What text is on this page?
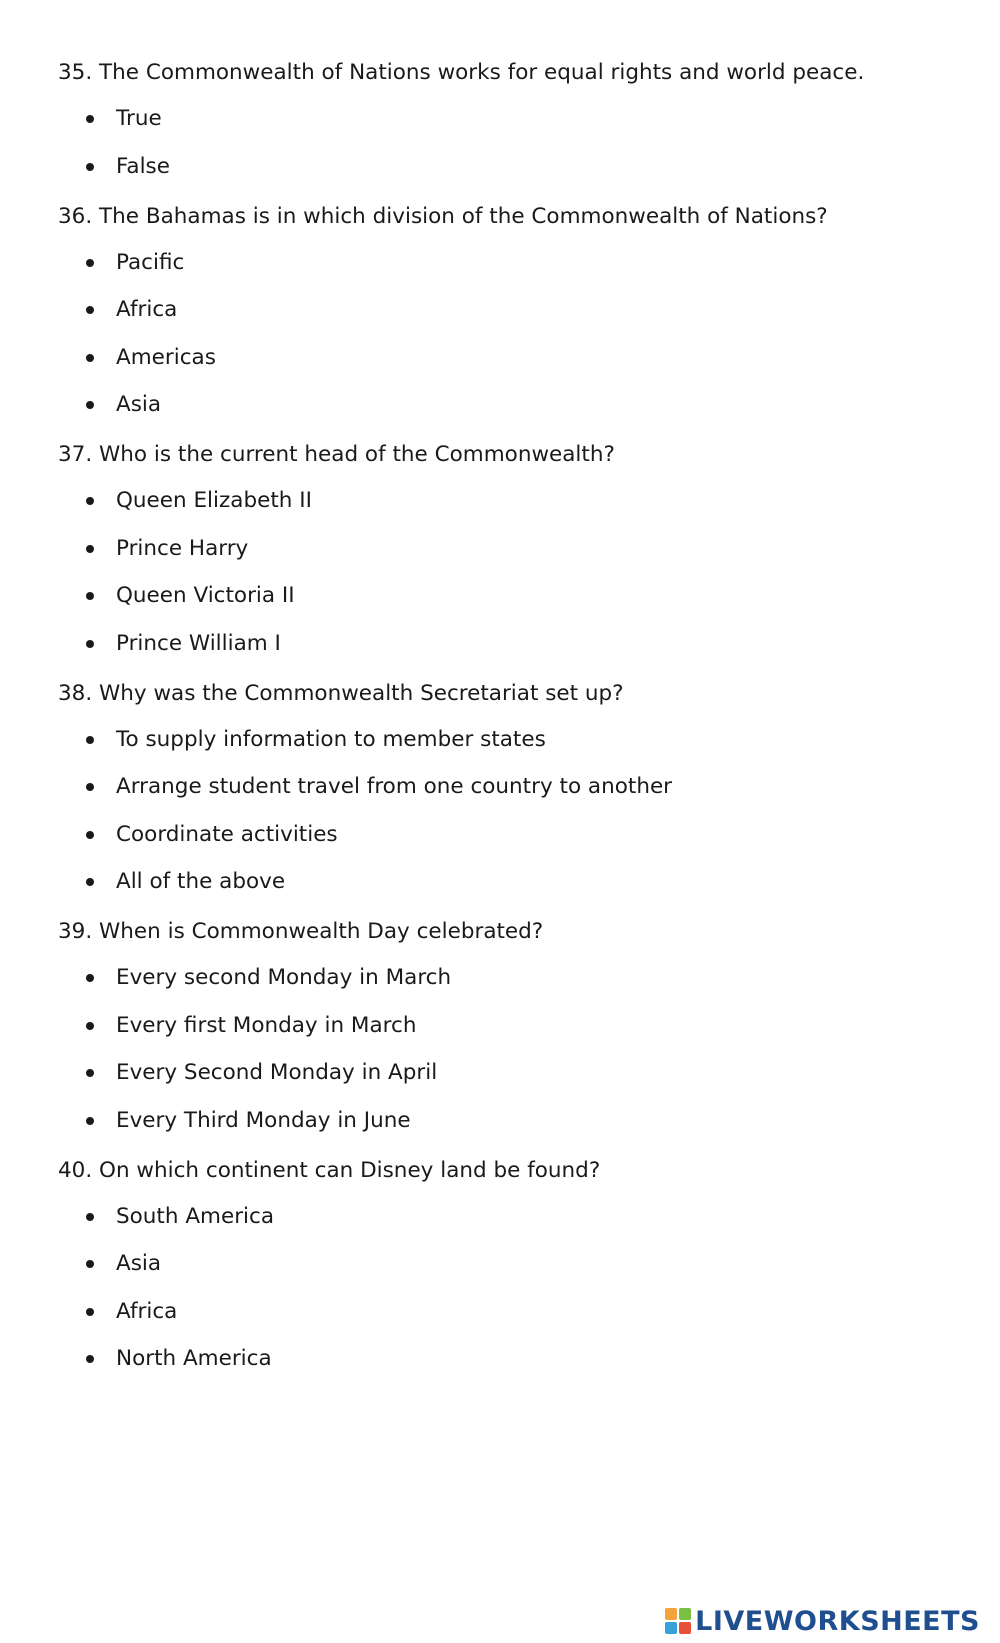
35. The Commonwealth of Nations works for equal rights and world peace.
True
False
36. The Bahamas is in which division of the Commonwealth of Nations?
Pacific
Africa
Americas
Asia
37. Who is the current head of the Commonwealth?
Queen Elizabeth II
Prince Harry
Queen Victoria II
Prince William I
38. Why was the Commonwealth Secretariat set up?
To supply information to member states
Arrange student travel from one country to another
Coordinate activities
All of the above
39. When is Commonwealth Day celebrated?
Every second Monday in March
Every first Monday in March
Every Second Monday in April
Every Third Monday in June
40. On which continent can Disney land be found?
South America
Asia
Africa
North America
LIVEWORKSHEETS
